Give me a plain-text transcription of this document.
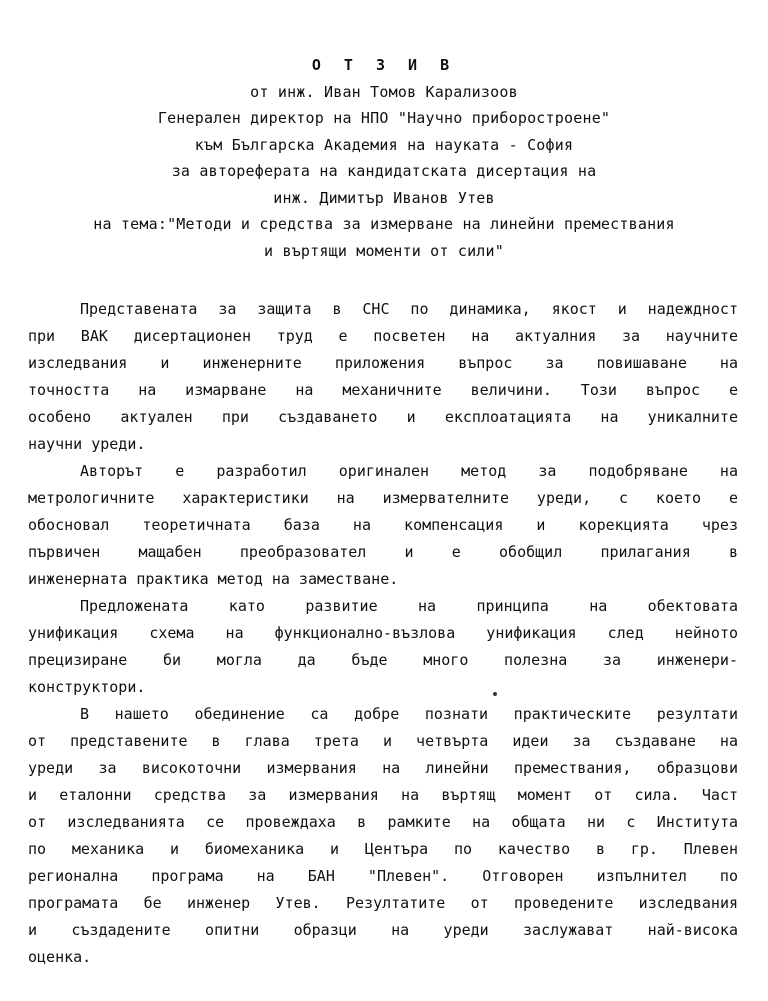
О Т З И В
от инж. Иван Томов Карализоов
Генерален директор на НПО "Научно приборостроене"
към Българска Академия на науката - София
за автореферата на кандидатската дисертация на
инж. Димитър Иванов Утев
на тема:"Методи и средства за измерване на линейни премествания
и въртящи моменти от сили"
Представената за защита в СНС по динамика, якост и надеждност
при ВАК дисертационен труд е посветен на актуалния за научните
изследвания и инженерните приложения въпрос за повишаване на
точността на измарване на механичните величини. Този въпрос е
особено актуален при създаването и експлоатацията на уникалните
научни уреди.
Авторът е разработил оригинален метод за подобряване на
метрологичните характеристики на измервателните уреди, с което е
обосновал теоретичната база на компенсация и корекцията чрез
първичен мащабен преобразовател и е обобщил прилагания в
инженерната практика метод на заместване.
Предложената като развитие на принципа на обектовата
унификация схема на функционално-възлова унификация след нейното
прецизиране би могла да бъде много полезна за инженери-
конструктори.
В нашето обединение са добре познати практическите резултати
от представените в глава трета и четвърта идеи за създаване на
уреди за високоточни измервания на линейни премествания, образцови
и еталонни средства за измервания на въртящ момент от сила. Част
от изследванията се провеждаха в рамките на общата ни с Института
по механика и биомеханика и Центъра по качество в гр. Плевен
регионална програма на БАН "Плевен". Отговорен изпълнител по
програмата бе инженер Утев. Резултатите от проведените изследвания
и създадените опитни образци на уреди заслужават най-висока
оценка.
